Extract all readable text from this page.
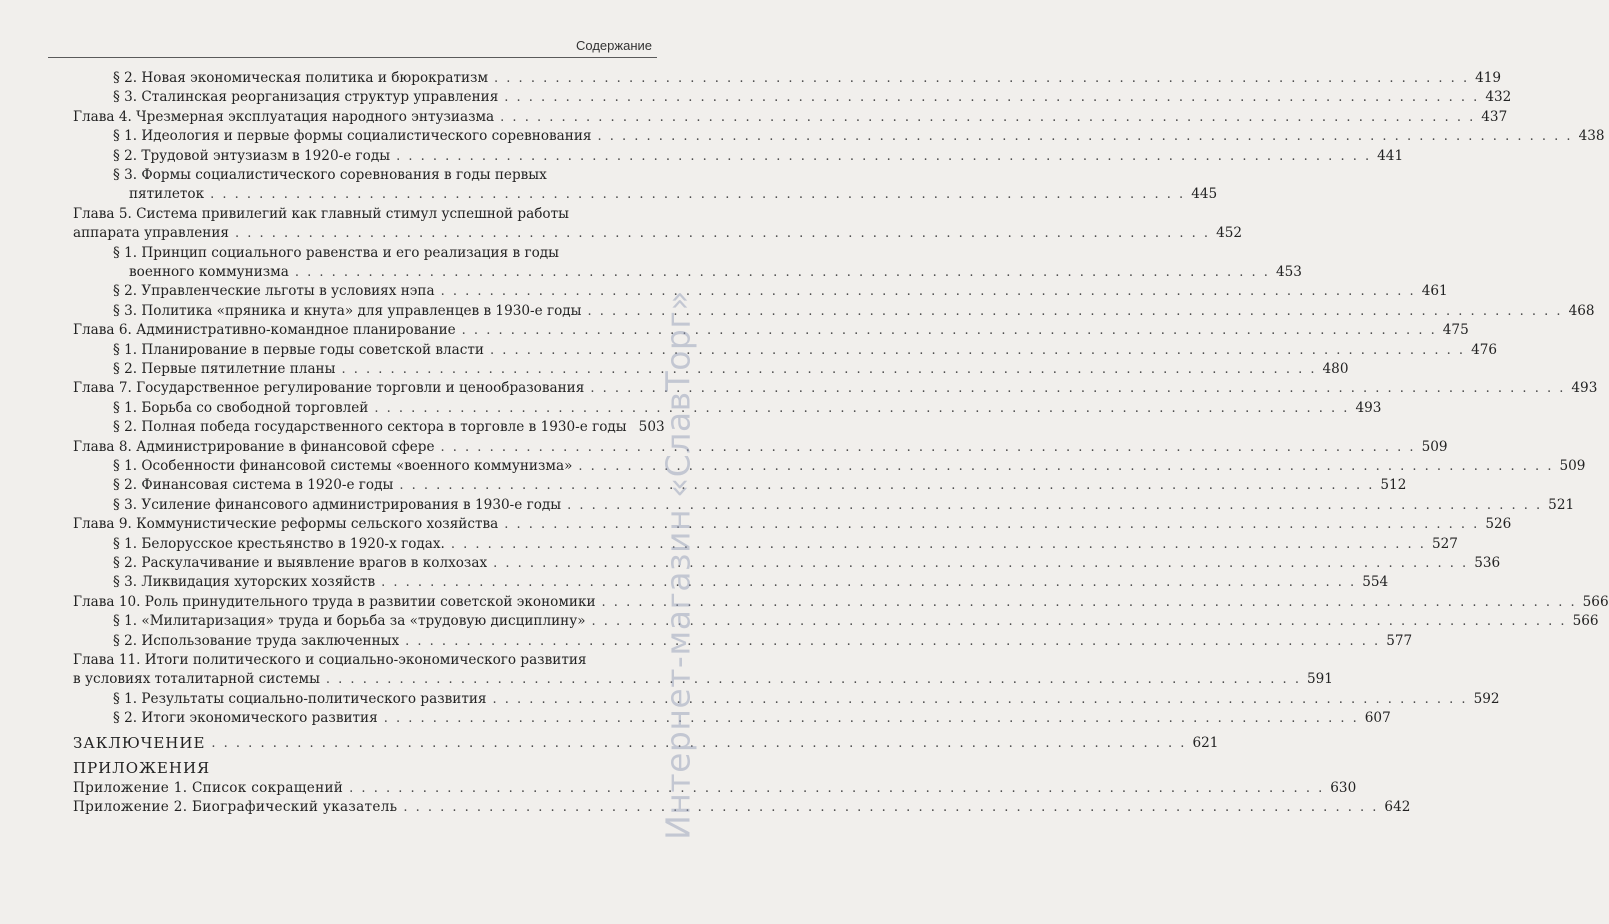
Содержание
§ 2. Новая экономическая политика и бюрократизм . . . . . . . . . . . . . . . . . . . . . . . . . . . . . . . . . . . . . . . . . . . . . . . . . . . . . . . . . . . . . . . . . . . . . . . . . . . . . . . . 419
§ 3. Сталинская реорганизация структур управления . . . . . . . . . . . . . . . . . . . . . . . . . . . . . . . . . . . . . . . . . . . . . . . . . . . . . . . . . . . . . . . . . . . . . . . . . . . . . . . . 432
Глава 4. Чрезмерная эксплуатация народного энтузиазма . . . . . . . . . . . . . . . . . . . . . . . . . . . . . . . . . . . . . . . . . . . . . . . . . . . . . . . . . . . . . . . . . . . . . . . . . . . . . . . . 437
§ 1. Идеология и первые формы социалистического соревнования . . . . . . . . . . . . . . . . . . . . . . . . . . . . . . . . . . . . . . . . . . . . . . . . . . . . . . . . . . . . . . . . . . . . . . . . . . . . . . . . 438
§ 2. Трудовой энтузиазм в 1920-е годы . . . . . . . . . . . . . . . . . . . . . . . . . . . . . . . . . . . . . . . . . . . . . . . . . . . . . . . . . . . . . . . . . . . . . . . . . . . . . . . . 441
§ 3. Формы социалистического соревнования в годы первых
пятилеток . . . . . . . . . . . . . . . . . . . . . . . . . . . . . . . . . . . . . . . . . . . . . . . . . . . . . . . . . . . . . . . . . . . . . . . . . . . . . . . . 445
Глава 5. Система привилегий как главный стимул успешной работы
аппарата управления . . . . . . . . . . . . . . . . . . . . . . . . . . . . . . . . . . . . . . . . . . . . . . . . . . . . . . . . . . . . . . . . . . . . . . . . . . . . . . . . 452
§ 1. Принцип социального равенства и его реализация в годы
военного коммунизма . . . . . . . . . . . . . . . . . . . . . . . . . . . . . . . . . . . . . . . . . . . . . . . . . . . . . . . . . . . . . . . . . . . . . . . . . . . . . . . . 453
§ 2. Управленческие льготы в условиях нэпа . . . . . . . . . . . . . . . . . . . . . . . . . . . . . . . . . . . . . . . . . . . . . . . . . . . . . . . . . . . . . . . . . . . . . . . . . . . . . . . . 461
§ 3. Политика «пряника и кнута» для управленцев в 1930-е годы . . . . . . . . . . . . . . . . . . . . . . . . . . . . . . . . . . . . . . . . . . . . . . . . . . . . . . . . . . . . . . . . . . . . . . . . . . . . . . . . 468
Глава 6. Административно-командное планирование . . . . . . . . . . . . . . . . . . . . . . . . . . . . . . . . . . . . . . . . . . . . . . . . . . . . . . . . . . . . . . . . . . . . . . . . . . . . . . . . 475
§ 1. Планирование в первые годы советской власти . . . . . . . . . . . . . . . . . . . . . . . . . . . . . . . . . . . . . . . . . . . . . . . . . . . . . . . . . . . . . . . . . . . . . . . . . . . . . . . . 476
§ 2. Первые пятилетние планы . . . . . . . . . . . . . . . . . . . . . . . . . . . . . . . . . . . . . . . . . . . . . . . . . . . . . . . . . . . . . . . . . . . . . . . . . . . . . . . . 480
Глава 7. Государственное регулирование торговли и ценообразования . . . . . . . . . . . . . . . . . . . . . . . . . . . . . . . . . . . . . . . . . . . . . . . . . . . . . . . . . . . . . . . . . . . . . . . . . . . . . . . . 493
§ 1. Борьба со свободной торговлей . . . . . . . . . . . . . . . . . . . . . . . . . . . . . . . . . . . . . . . . . . . . . . . . . . . . . . . . . . . . . . . . . . . . . . . . . . . . . . . . 493
§ 2. Полная победа государственного сектора в торговле в 1930-е годы 503
Глава 8. Администрирование в финансовой сфере . . . . . . . . . . . . . . . . . . . . . . . . . . . . . . . . . . . . . . . . . . . . . . . . . . . . . . . . . . . . . . . . . . . . . . . . . . . . . . . . 509
§ 1. Особенности финансовой системы «военного коммунизма» . . . . . . . . . . . . . . . . . . . . . . . . . . . . . . . . . . . . . . . . . . . . . . . . . . . . . . . . . . . . . . . . . . . . . . . . . . . . . . . . 509
§ 2. Финансовая система в 1920-е годы . . . . . . . . . . . . . . . . . . . . . . . . . . . . . . . . . . . . . . . . . . . . . . . . . . . . . . . . . . . . . . . . . . . . . . . . . . . . . . . . 512
§ 3. Усиление финансового администрирования в 1930-е годы . . . . . . . . . . . . . . . . . . . . . . . . . . . . . . . . . . . . . . . . . . . . . . . . . . . . . . . . . . . . . . . . . . . . . . . . . . . . . . . . 521
Глава 9. Коммунистические реформы сельского хозяйства . . . . . . . . . . . . . . . . . . . . . . . . . . . . . . . . . . . . . . . . . . . . . . . . . . . . . . . . . . . . . . . . . . . . . . . . . . . . . . . . 526
§ 1. Белорусское крестьянство в 1920-х годах. . . . . . . . . . . . . . . . . . . . . . . . . . . . . . . . . . . . . . . . . . . . . . . . . . . . . . . . . . . . . . . . . . . . . . . . . . . . . . . . . 527
§ 2. Раскулачивание и выявление врагов в колхозах . . . . . . . . . . . . . . . . . . . . . . . . . . . . . . . . . . . . . . . . . . . . . . . . . . . . . . . . . . . . . . . . . . . . . . . . . . . . . . . . 536
§ 3. Ликвидация хуторских хозяйств . . . . . . . . . . . . . . . . . . . . . . . . . . . . . . . . . . . . . . . . . . . . . . . . . . . . . . . . . . . . . . . . . . . . . . . . . . . . . . . . 554
Глава 10. Роль принудительного труда в развитии советской экономики . . . . . . . . . . . . . . . . . . . . . . . . . . . . . . . . . . . . . . . . . . . . . . . . . . . . . . . . . . . . . . . . . . . . . . . . . . . . . . . . 566
§ 1. «Милитаризация» труда и борьба за «трудовую дисциплину» . . . . . . . . . . . . . . . . . . . . . . . . . . . . . . . . . . . . . . . . . . . . . . . . . . . . . . . . . . . . . . . . . . . . . . . . . . . . . . . . 566
§ 2. Использование труда заключенных . . . . . . . . . . . . . . . . . . . . . . . . . . . . . . . . . . . . . . . . . . . . . . . . . . . . . . . . . . . . . . . . . . . . . . . . . . . . . . . . 577
Глава 11. Итоги политического и социально-экономического развития
в условиях тоталитарной системы . . . . . . . . . . . . . . . . . . . . . . . . . . . . . . . . . . . . . . . . . . . . . . . . . . . . . . . . . . . . . . . . . . . . . . . . . . . . . . . . 591
§ 1. Результаты социально-политического развития . . . . . . . . . . . . . . . . . . . . . . . . . . . . . . . . . . . . . . . . . . . . . . . . . . . . . . . . . . . . . . . . . . . . . . . . . . . . . . . . 592
§ 2. Итоги экономического развития . . . . . . . . . . . . . . . . . . . . . . . . . . . . . . . . . . . . . . . . . . . . . . . . . . . . . . . . . . . . . . . . . . . . . . . . . . . . . . . . 607
ЗАКЛЮЧЕНИЕ . . . . . . . . . . . . . . . . . . . . . . . . . . . . . . . . . . . . . . . . . . . . . . . . . . . . . . . . . . . . . . . . . . . . . . . . . . . . . . . . 621
ПРИЛОЖЕНИЯ
Приложение 1. Список сокращений . . . . . . . . . . . . . . . . . . . . . . . . . . . . . . . . . . . . . . . . . . . . . . . . . . . . . . . . . . . . . . . . . . . . . . . . . . . . . . . . 630
Приложение 2. Биографический указатель . . . . . . . . . . . . . . . . . . . . . . . . . . . . . . . . . . . . . . . . . . . . . . . . . . . . . . . . . . . . . . . . . . . . . . . . . . . . . . . . 642
Интернет-магазин «СлавТорг»
